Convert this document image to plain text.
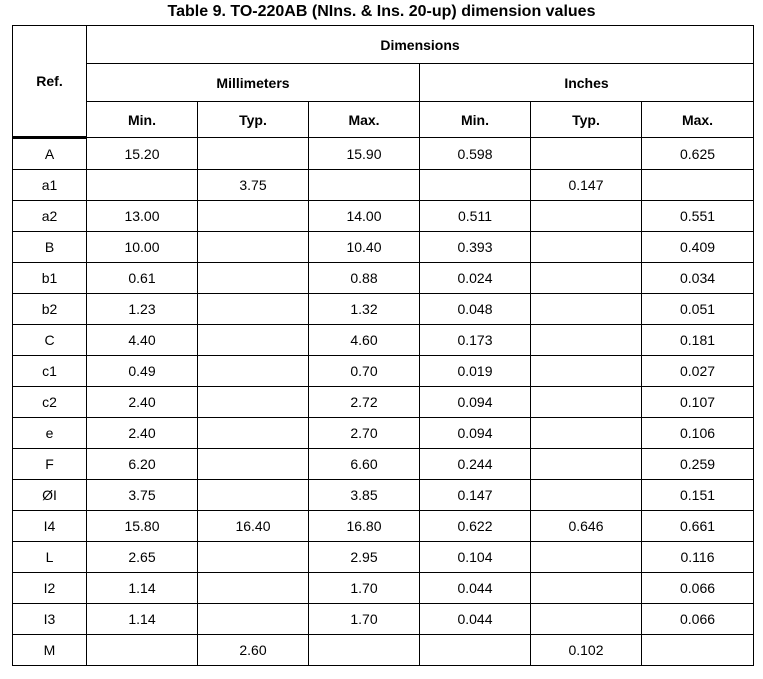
Table 9. TO-220AB (NIns. & Ins. 20-up) dimension values
Ref.	Dimensions					
	Millimeters			Inches		
	Min.	Typ.	Max.	Min.	Typ.	Max.
A	15.20		15.90	0.598		0.625
a1		3.75			0.147	
a2	13.00		14.00	0.511		0.551
B	10.00		10.40	0.393		0.409
b1	0.61		0.88	0.024		0.034
b2	1.23		1.32	0.048		0.051
C	4.40		4.60	0.173		0.181
c1	0.49		0.70	0.019		0.027
c2	2.40		2.72	0.094		0.107
e	2.40		2.70	0.094		0.106
F	6.20		6.60	0.244		0.259
ØI	3.75		3.85	0.147		0.151
I4	15.80	16.40	16.80	0.622	0.646	0.661
L	2.65		2.95	0.104		0.116
I2	1.14		1.70	0.044		0.066
I3	1.14		1.70	0.044		0.066
M		2.60			0.102	
